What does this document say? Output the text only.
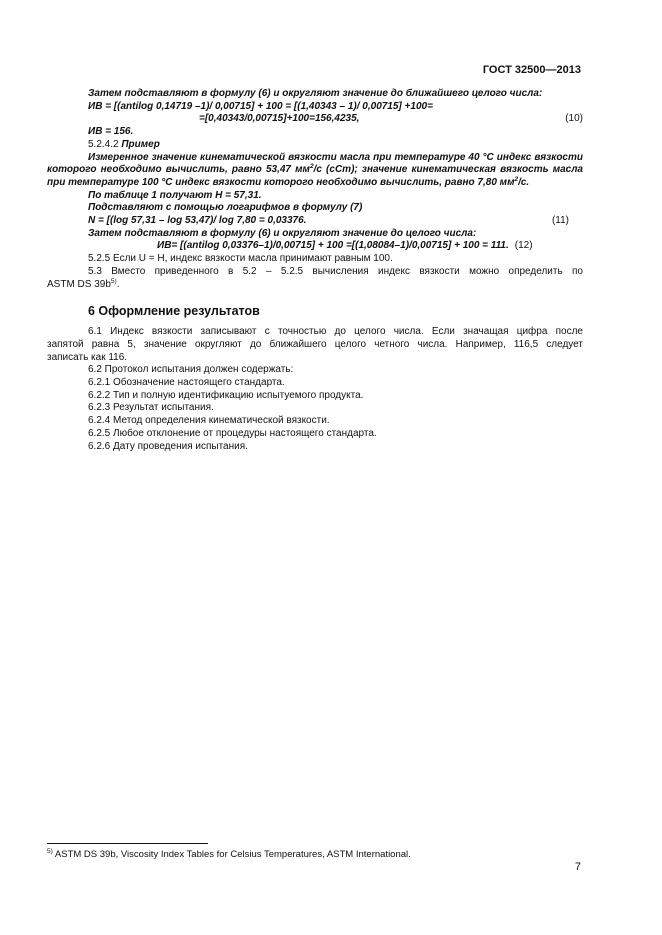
ГОСТ 32500—2013
Затем подставляют в формулу (6) и округляют значение до ближайшего целого числа:
ИВ = [(antilog 0,14719 –1)/ 0,00715] + 100 = [(1,40343 – 1)/ 0,00715] +100=
=[0,40343/0,00715]+100=156,4235,	(10)
ИВ = 156.
5.2.4.2 Пример
Измеренное значение кинематической вязкости масла при температуре 40 °С индекс вязкости
которого необходимо вычислить, равно 53,47 $мм^2/с$ (сСт); значение кинематическая вязкость масла
при температуре 100 °С индекс вязкости которого необходимо вычислить, равно 7,80 $мм^2/с$.
По таблице 1 получают Н = 57,31.
Подставляют с помощью логарифмов в формулу (7)
N = [(log 57,31 – log 53,47)/ log 7,80 = 0,03376.	(11)
Затем подставляют в формулу (6) и округляют значение до целого числа:
ИВ= [(antilog 0,03376–1)/0,00715] + 100 =[(1,08084–1)/0,00715] + 100 = 111. (12)
5.2.5 Если U = Н, индекс вязкости масла принимают равным 100.
5.3 Вместо приведенного в 5.2 – 5.2.5 вычисления индекс вязкости можно определить по
ASTM DS $39b^{5)}$.
6 Оформление результатов
6.1 Индекс вязкости записывают с точностью до целого числа. Если значащая цифра после
запятой равна 5, значение округляют до ближайшего целого четного числа. Например, 116,5 следует
записать как 116.
6.2 Протокол испытания должен содержать:
6.2.1 Обозначение настоящего стандарта.
6.2.2 Тип и полную идентификацию испытуемого продукта.
6.2.3 Результат испытания.
6.2.4 Метод определения кинематической вязкости.
6.2.5 Любое отклонение от процедуры настоящего стандарта.
6.2.6 Дату проведения испытания.
$^{5)}$ ASTM DS 39b, Viscosity Index Tables for Celsius Temperatures, ASTM International.
7
